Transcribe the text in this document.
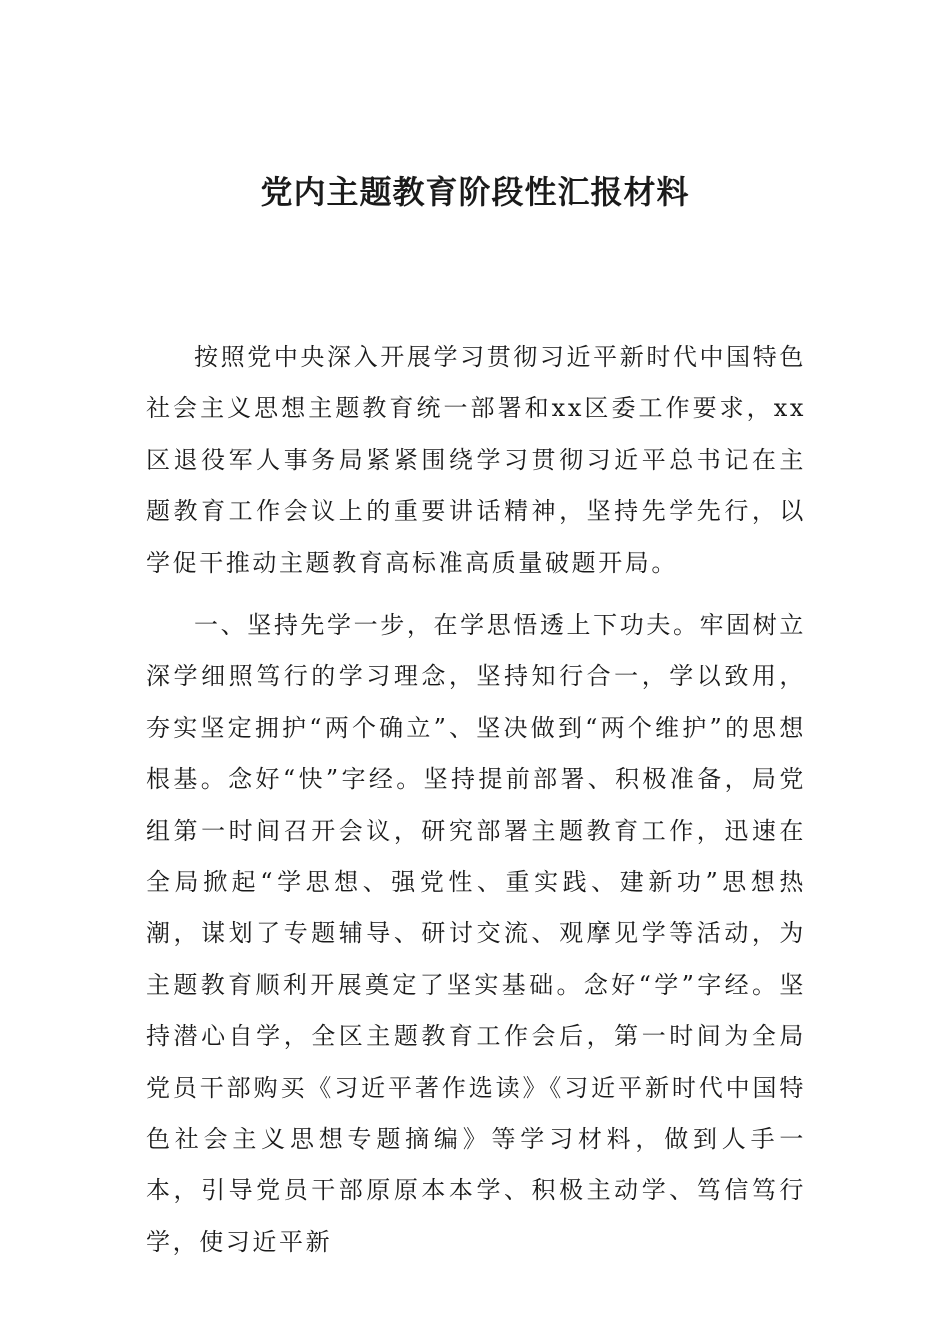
党内主题教育阶段性汇报材料

按照党中央深入开展学习贯彻习近平新时代中国特色社会主义思想主题教育统一部署和xx区委工作要求，xx区退役军人事务局紧紧围绕学习贯彻习近平总书记在主题教育工作会议上的重要讲话精神，坚持先学先行，以学促干推动主题教育高标准高质量破题开局。

一、坚持先学一步，在学思悟透上下功夫。牢固树立深学细照笃行的学习理念，坚持知行合一，学以致用，夯实坚定拥护“两个确立”、坚决做到“两个维护”的思想根基。念好“快”字经。坚持提前部署、积极准备，局党组第一时间召开会议，研究部署主题教育工作，迅速在全局掀起“学思想、强党性、重实践、建新功”思想热潮，谋划了专题辅导、研讨交流、观摩见学等活动，为主题教育顺利开展奠定了坚实基础。念好“学”字经。坚持潜心自学，全区主题教育工作会后，第一时间为全局党员干部购买《习近平著作选读》《习近平新时代中国特色社会主义思想专题摘编》等学习材料，做到人手一本，引导党员干部原原本本学、积极主动学、笃信笃行学，使习近平新
